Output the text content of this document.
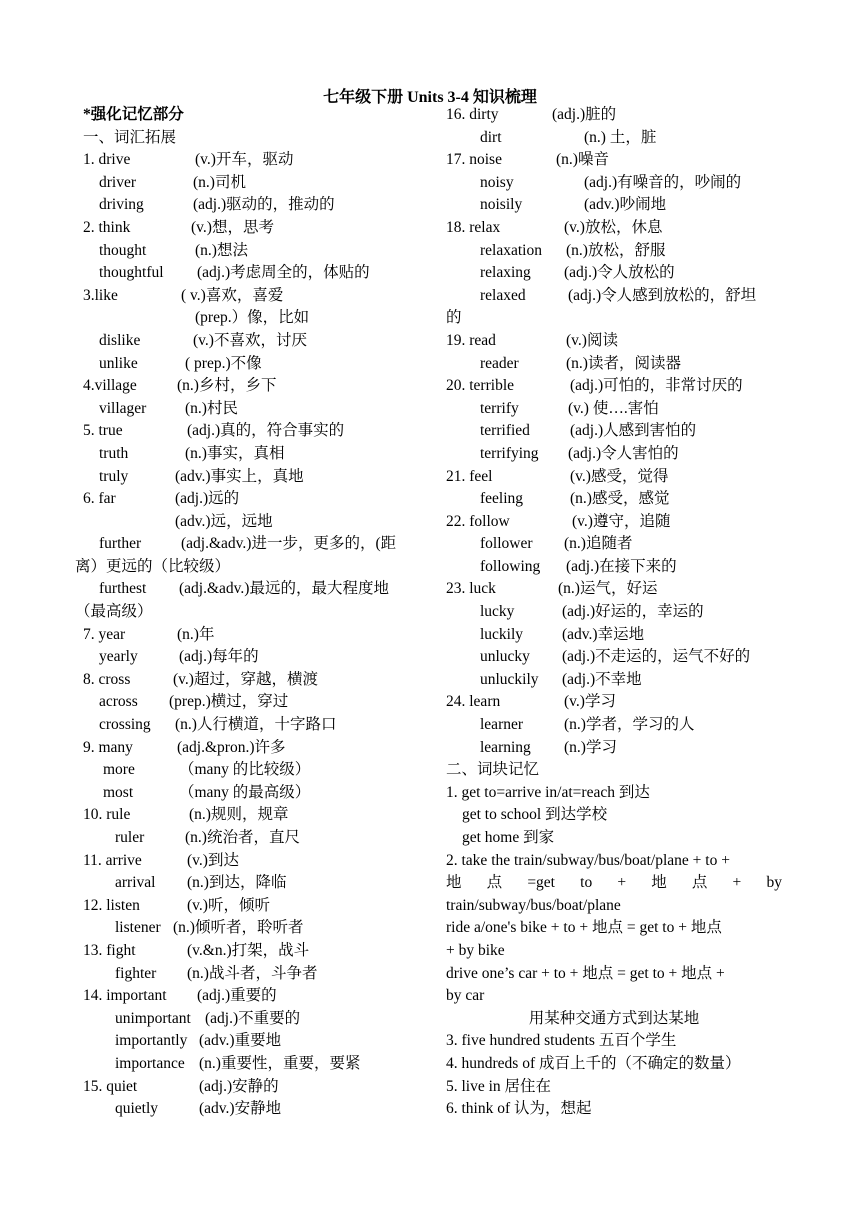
七年级下册 Units 3-4 知识梳理
*强化记忆部分
一、词汇拓展
1. drive	(v.)开车，驱动
driver	(n.)司机
driving	(adj.)驱动的，推动的
2. think	(v.)想，思考
thought	(n.)想法
thoughtful (adj.)考虑周全的，体贴的
3.like	( v.)喜欢，喜爱
(prep.）像，比如
dislike	(v.)不喜欢，讨厌
unlike	( prep.)不像
4.village	(n.)乡村，乡下
villager (n.)村民
5. true	(adj.)真的，符合事实的
truth	(n.)事实，真相
truly	(adv.)事实上，真地
6. far	(adj.)远的
(adv.)远，远地
further	(adj.&adv.)进一步，更多的，(距
离）更远的（比较级）
furthest (adj.&adv.)最远的，最大程度地
（最高级）
7. year	(n.)年
yearly	(adj.)每年的
8. cross	(v.)超过，穿越，横渡
across (prep.)横过，穿过
crossing (n.)人行横道，十字路口
9. many	(adj.&pron.)许多
more	（many 的比较级）
most	（many 的最高级）
10. rule	(n.)规则，规章
ruler	(n.)统治者，直尺
11. arrive	(v.)到达
arrival (n.)到达，降临
12. listen	(v.)听，倾听
listener (n.)倾听者，聆听者
13. fight	(v.&n.)打架，战斗
fighter (n.)战斗者，斗争者
14. important (adj.)重要的
unimportant (adj.)不重要的
importantly (adv.)重要地
importance (n.)重要性，重要，要紧
15. quiet	(adj.)安静的
quietly	(adv.)安静地
16. dirty	(adj.)脏的
dirt	(n.) 土，脏
17. noise	(n.)噪音
noisy	(adj.)有噪音的，吵闹的
noisily	(adv.)吵闹地
18. relax	(v.)放松，休息
relaxation (n.)放松，舒服
relaxing (adj.)令人放松的
relaxed	(adj.)令人感到放松的，舒坦
的
19. read	(v.)阅读
reader	(n.)读者，阅读器
20. terrible	(adj.)可怕的，非常讨厌的
terrify	(v.) 使….害怕
terrified	(adj.)人感到害怕的
terrifying (adj.)令人害怕的
21. feel	(v.)感受，觉得
feeling	(n.)感受，感觉
22. follow	(v.)遵守，追随
follower (n.)追随者
following (adj.)在接下来的
23. luck	(n.)运气，好运
lucky	(adj.)好运的，幸运的
luckily	(adv.)幸运地
unlucky (adj.)不走运的，运气不好的
unluckily (adj.)不幸地
24. learn	(v.)学习
learner	(n.)学者，学习的人
learning (n.)学习
二、词块记忆
1. get to=arrive in/at=reach 到达
get to school 到达学校
get home 到家
2. take the train/subway/bus/boat/plane + to +
地 点 =get to + 地 点 + by
train/subway/bus/boat/plane
ride a/one's bike + to + 地点 = get to + 地点
+ by bike
drive one’s car + to + 地点 = get to + 地点 +
by car
用某种交通方式到达某地
3. five hundred students 五百个学生
4. hundreds of 成百上千的（不确定的数量）
5. live in 居住在
6. think of 认为，想起
